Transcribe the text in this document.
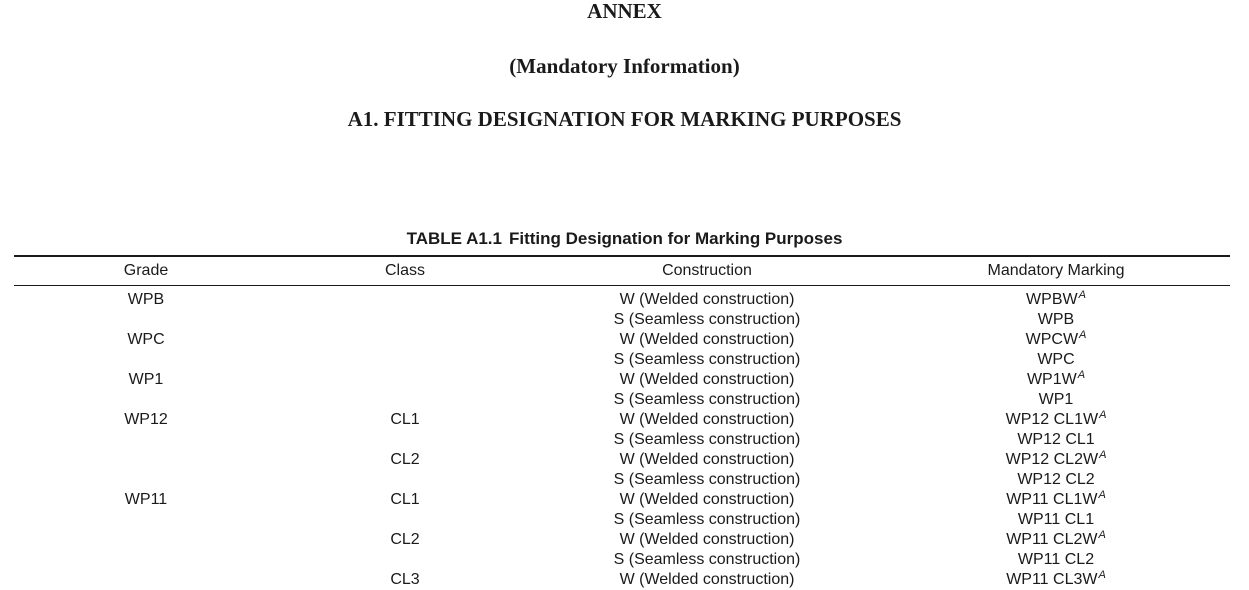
ANNEX
(Mandatory Information)
A1. FITTING DESIGNATION FOR MARKING PURPOSES
TABLE A1.1 Fitting Designation for Marking Purposes
Grade	Class	Construction	Mandatory Marking
WPB		W (Welded construction)	WPBW$^A$
		S (Seamless construction)	WPB
WPC		W (Welded construction)	WPCW$^A$
		S (Seamless construction)	WPC
WP1		W (Welded construction)	WP1W$^A$
		S (Seamless construction)	WP1
WP12	CL1	W (Welded construction)	WP12 CL1W$^A$
		S (Seamless construction)	WP12 CL1
	CL2	W (Welded construction)	WP12 CL2W$^A$
		S (Seamless construction)	WP12 CL2
WP11	CL1	W (Welded construction)	WP11 CL1W$^A$
		S (Seamless construction)	WP11 CL1
	CL2	W (Welded construction)	WP11 CL2W$^A$
		S (Seamless construction)	WP11 CL2
	CL3	W (Welded construction)	WP11 CL3W$^A$
